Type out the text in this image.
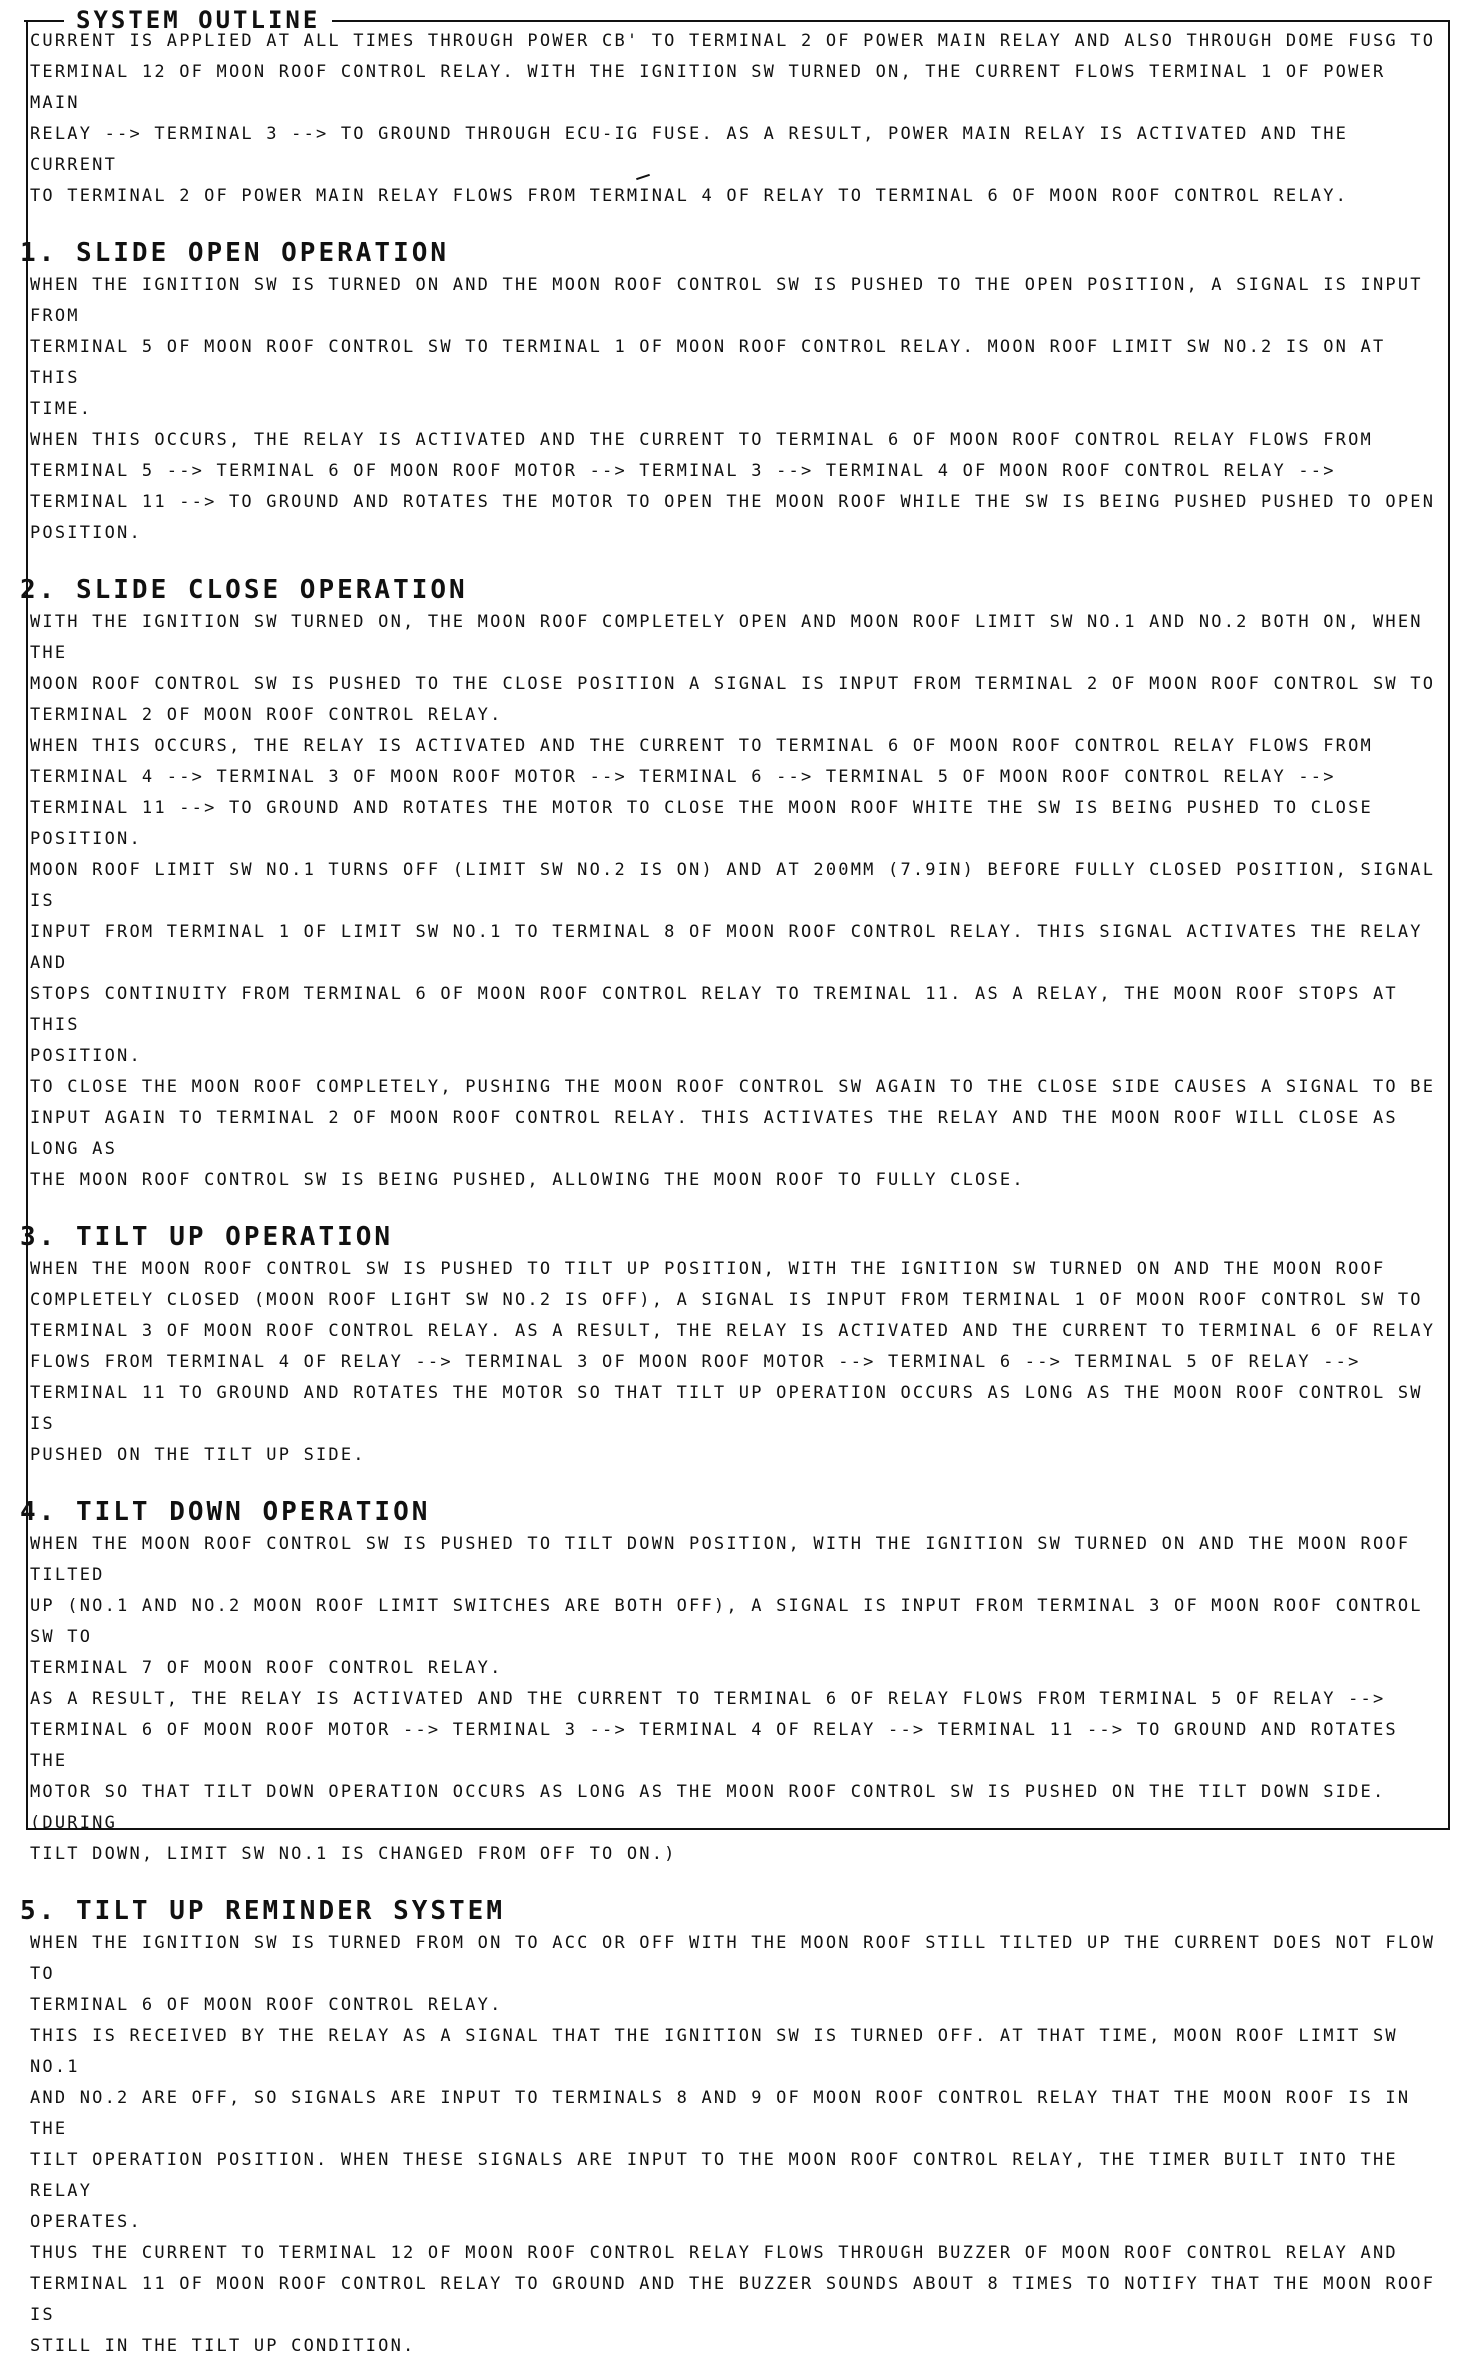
SYSTEM OUTLINE

CURRENT IS APPLIED AT ALL TIMES THROUGH POWER CB' TO TERMINAL 2 OF POWER MAIN RELAY AND ALSO THROUGH DOME FUSG TO
TERMINAL 12 OF MOON ROOF CONTROL RELAY. WITH THE IGNITION SW TURNED ON, THE CURRENT FLOWS TERMINAL 1 OF POWER MAIN
RELAY --> TERMINAL 3 --> TO GROUND THROUGH ECU-IG FUSE. AS A RESULT, POWER MAIN RELAY IS ACTIVATED AND THE CURRENT
TO TERMINAL 2 OF POWER MAIN RELAY FLOWS FROM TERMINAL 4 OF RELAY TO TERMINAL 6 OF MOON ROOF CONTROL RELAY.

1. SLIDE OPEN OPERATION

WHEN THE IGNITION SW IS TURNED ON AND THE MOON ROOF CONTROL SW IS PUSHED TO THE OPEN POSITION, A SIGNAL IS INPUT FROM
TERMINAL 5 OF MOON ROOF CONTROL SW TO TERMINAL 1 OF MOON ROOF CONTROL RELAY. MOON ROOF LIMIT SW NO.2 IS ON AT THIS
TIME.
WHEN THIS OCCURS, THE RELAY IS ACTIVATED AND THE CURRENT TO TERMINAL 6 OF MOON ROOF CONTROL RELAY FLOWS FROM
TERMINAL 5 --> TERMINAL 6 OF MOON ROOF MOTOR --> TERMINAL 3 --> TERMINAL 4 OF MOON ROOF CONTROL RELAY -->
TERMINAL 11 --> TO GROUND AND ROTATES THE MOTOR TO OPEN THE MOON ROOF WHILE THE SW IS BEING PUSHED PUSHED TO OPEN
POSITION.

2. SLIDE CLOSE OPERATION

WITH THE IGNITION SW TURNED ON, THE MOON ROOF COMPLETELY OPEN AND MOON ROOF LIMIT SW NO.1 AND NO.2 BOTH ON, WHEN THE
MOON ROOF CONTROL SW IS PUSHED TO THE CLOSE POSITION A SIGNAL IS INPUT FROM TERMINAL 2 OF MOON ROOF CONTROL SW TO
TERMINAL 2 OF MOON ROOF CONTROL RELAY.
WHEN THIS OCCURS, THE RELAY IS ACTIVATED AND THE CURRENT TO TERMINAL 6 OF MOON ROOF CONTROL RELAY FLOWS FROM
TERMINAL 4 --> TERMINAL 3 OF MOON ROOF MOTOR --> TERMINAL 6 --> TERMINAL 5 OF MOON ROOF CONTROL RELAY -->
TERMINAL 11 --> TO GROUND AND ROTATES THE MOTOR TO CLOSE THE MOON ROOF WHITE THE SW IS BEING PUSHED TO CLOSE
POSITION.
MOON ROOF LIMIT SW NO.1 TURNS OFF (LIMIT SW NO.2 IS ON) AND AT 200MM (7.9IN) BEFORE FULLY CLOSED POSITION, SIGNAL IS
INPUT FROM TERMINAL 1 OF LIMIT SW NO.1 TO TERMINAL 8 OF MOON ROOF CONTROL RELAY. THIS SIGNAL ACTIVATES THE RELAY AND
STOPS CONTINUITY FROM TERMINAL 6 OF MOON ROOF CONTROL RELAY TO TREMINAL 11. AS A RELAY, THE MOON ROOF STOPS AT THIS
POSITION.
TO CLOSE THE MOON ROOF COMPLETELY, PUSHING THE MOON ROOF CONTROL SW AGAIN TO THE CLOSE SIDE CAUSES A SIGNAL TO BE
INPUT AGAIN TO TERMINAL 2 OF MOON ROOF CONTROL RELAY. THIS ACTIVATES THE RELAY AND THE MOON ROOF WILL CLOSE AS LONG AS
THE MOON ROOF CONTROL SW IS BEING PUSHED, ALLOWING THE MOON ROOF TO FULLY CLOSE.

3. TILT UP OPERATION

WHEN THE MOON ROOF CONTROL SW IS PUSHED TO TILT UP POSITION, WITH THE IGNITION SW TURNED ON AND THE MOON ROOF
COMPLETELY CLOSED (MOON ROOF LIGHT SW NO.2 IS OFF), A SIGNAL IS INPUT FROM TERMINAL 1 OF MOON ROOF CONTROL SW TO
TERMINAL 3 OF MOON ROOF CONTROL RELAY. AS A RESULT, THE RELAY IS ACTIVATED AND THE CURRENT TO TERMINAL 6 OF RELAY
FLOWS FROM TERMINAL 4 OF RELAY --> TERMINAL 3 OF MOON ROOF MOTOR --> TERMINAL 6 --> TERMINAL 5 OF RELAY -->
TERMINAL 11 TO GROUND AND ROTATES THE MOTOR SO THAT TILT UP OPERATION OCCURS AS LONG AS THE MOON ROOF CONTROL SW IS
PUSHED ON THE TILT UP SIDE.

4. TILT DOWN OPERATION

WHEN THE MOON ROOF CONTROL SW IS PUSHED TO TILT DOWN POSITION, WITH THE IGNITION SW TURNED ON AND THE MOON ROOF TILTED
UP (NO.1 AND NO.2 MOON ROOF LIMIT SWITCHES ARE BOTH OFF), A SIGNAL IS INPUT FROM TERMINAL 3 OF MOON ROOF CONTROL SW TO
TERMINAL 7 OF MOON ROOF CONTROL RELAY.
AS A RESULT, THE RELAY IS ACTIVATED AND THE CURRENT TO TERMINAL 6 OF RELAY FLOWS FROM TERMINAL 5 OF RELAY -->
TERMINAL 6 OF MOON ROOF MOTOR --> TERMINAL 3 --> TERMINAL 4 OF RELAY --> TERMINAL 11 --> TO GROUND AND ROTATES THE
MOTOR SO THAT TILT DOWN OPERATION OCCURS AS LONG AS THE MOON ROOF CONTROL SW IS PUSHED ON THE TILT DOWN SIDE. (DURING
TILT DOWN, LIMIT SW NO.1 IS CHANGED FROM OFF TO ON.)

5. TILT UP REMINDER SYSTEM

WHEN THE IGNITION SW IS TURNED FROM ON TO ACC OR OFF WITH THE MOON ROOF STILL TILTED UP THE CURRENT DOES NOT FLOW TO
TERMINAL 6 OF MOON ROOF CONTROL RELAY.
THIS IS RECEIVED BY THE RELAY AS A SIGNAL THAT THE IGNITION SW IS TURNED OFF. AT THAT TIME, MOON ROOF LIMIT SW NO.1
AND NO.2 ARE OFF, SO SIGNALS ARE INPUT TO TERMINALS 8 AND 9 OF MOON ROOF CONTROL RELAY THAT THE MOON ROOF IS IN THE
TILT OPERATION POSITION. WHEN THESE SIGNALS ARE INPUT TO THE MOON ROOF CONTROL RELAY, THE TIMER BUILT INTO THE RELAY
OPERATES.
THUS THE CURRENT TO TERMINAL 12 OF MOON ROOF CONTROL RELAY FLOWS THROUGH BUZZER OF MOON ROOF CONTROL RELAY AND
TERMINAL 11 OF MOON ROOF CONTROL RELAY TO GROUND AND THE BUZZER SOUNDS ABOUT 8 TIMES TO NOTIFY THAT THE MOON ROOF IS
STILL IN THE TILT UP CONDITION.
